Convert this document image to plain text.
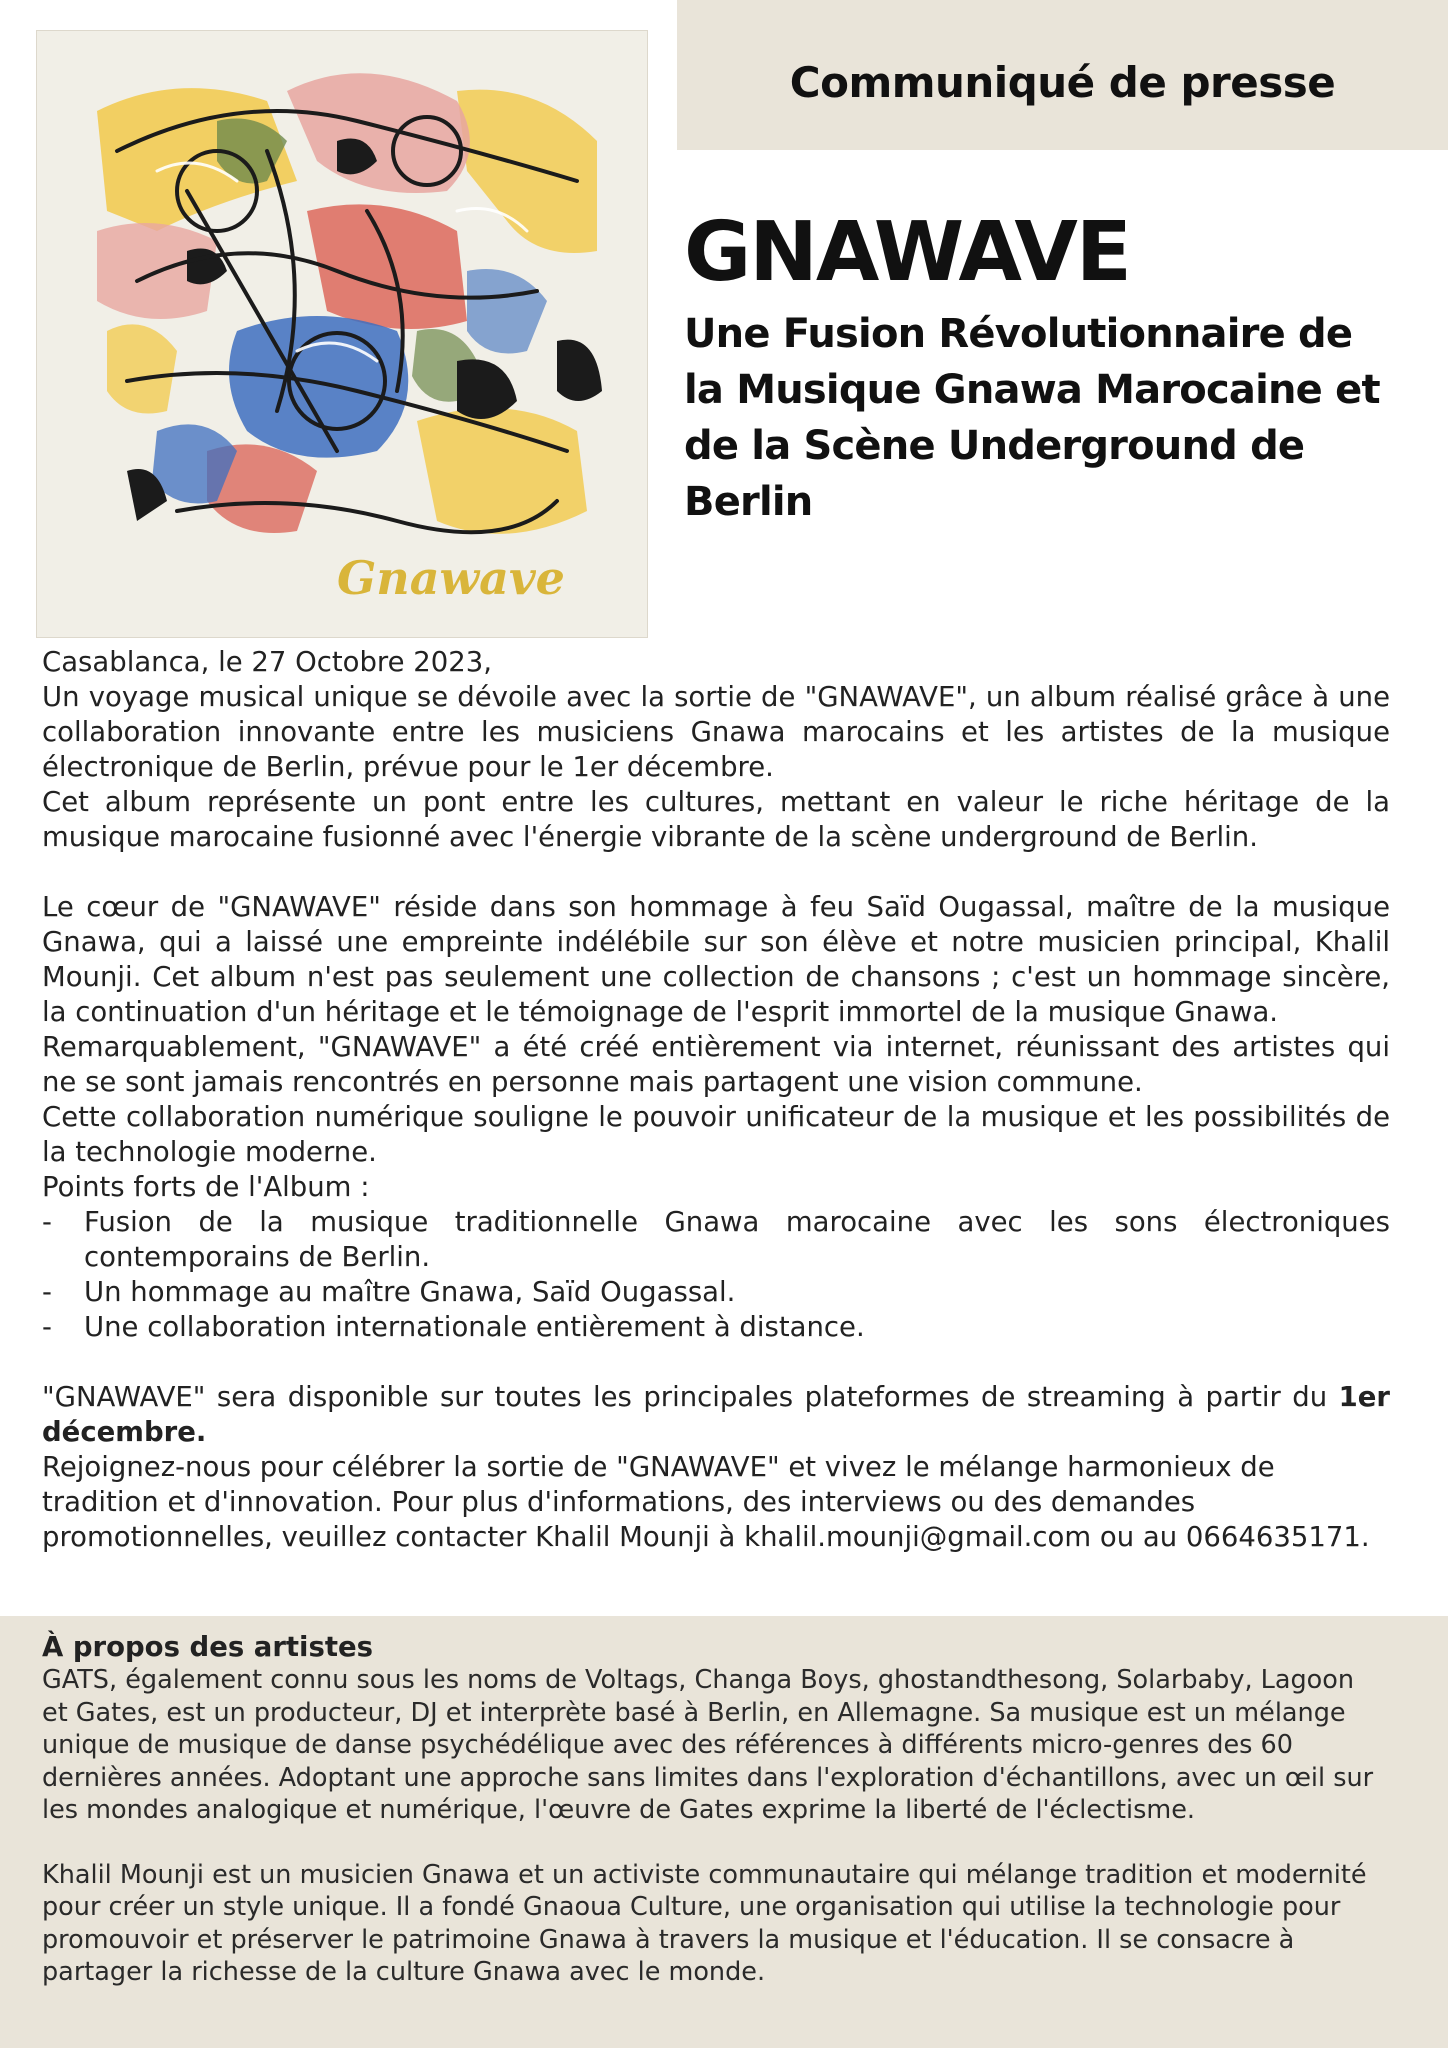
Gnawave
Communiqué de presse
GNAWAVE
Une Fusion Révolutionnaire de la Musique Gnawa Marocaine et de la Scène Underground de Berlin

Casablanca, le 27 Octobre 2023,

Un voyage musical unique se dévoile avec la sortie de "GNAWAVE", un album réalisé grâce à une collaboration innovante entre les musiciens Gnawa marocains et les artistes de la musique électronique de Berlin, prévue pour le 1er décembre.

Cet album représente un pont entre les cultures, mettant en valeur le riche héritage de la musique marocaine fusionné avec l'énergie vibrante de la scène underground de Berlin.

Le cœur de "GNAWAVE" réside dans son hommage à feu Saïd Ougassal, maître de la musique Gnawa, qui a laissé une empreinte indélébile sur son élève et notre musicien principal, Khalil Mounji. Cet album n'est pas seulement une collection de chansons ; c'est un hommage sincère, la continuation d'un héritage et le témoignage de l'esprit immortel de la musique Gnawa.

Remarquablement, "GNAWAVE" a été créé entièrement via internet, réunissant des artistes qui ne se sont jamais rencontrés en personne mais partagent une vision commune.

Cette collaboration numérique souligne le pouvoir unificateur de la musique et les possibilités de la technologie moderne.

Points forts de l'Album :

-	Fusion de la musique traditionnelle Gnawa marocaine avec les sons électroniques contemporains de Berlin.
-	Un hommage au maître Gnawa, Saïd Ougassal.
-	Une collaboration internationale entièrement à distance.

"GNAWAVE" sera disponible sur toutes les principales plateformes de streaming à partir du 1er décembre.

Rejoignez-nous pour célébrer la sortie de "GNAWAVE" et vivez le mélange harmonieux de tradition et d'innovation. Pour plus d'informations, des interviews ou des demandes promotionnelles, veuillez contacter Khalil Mounji à khalil.mounji@gmail.com ou au 0664635171.

À propos des artistes

GATS, également connu sous les noms de Voltags, Changa Boys, ghostandthesong, Solarbaby, Lagoon et Gates, est un producteur, DJ et interprète basé à Berlin, en Allemagne. Sa musique est un mélange unique de musique de danse psychédélique avec des références à différents micro-genres des 60 dernières années. Adoptant une approche sans limites dans l'exploration d'échantillons, avec un œil sur les mondes analogique et numérique, l'œuvre de Gates exprime la liberté de l'éclectisme.

Khalil Mounji est un musicien Gnawa et un activiste communautaire qui mélange tradition et modernité pour créer un style unique. Il a fondé Gnaoua Culture, une organisation qui utilise la technologie pour promouvoir et préserver le patrimoine Gnawa à travers la musique et l'éducation. Il se consacre à partager la richesse de la culture Gnawa avec le monde.
